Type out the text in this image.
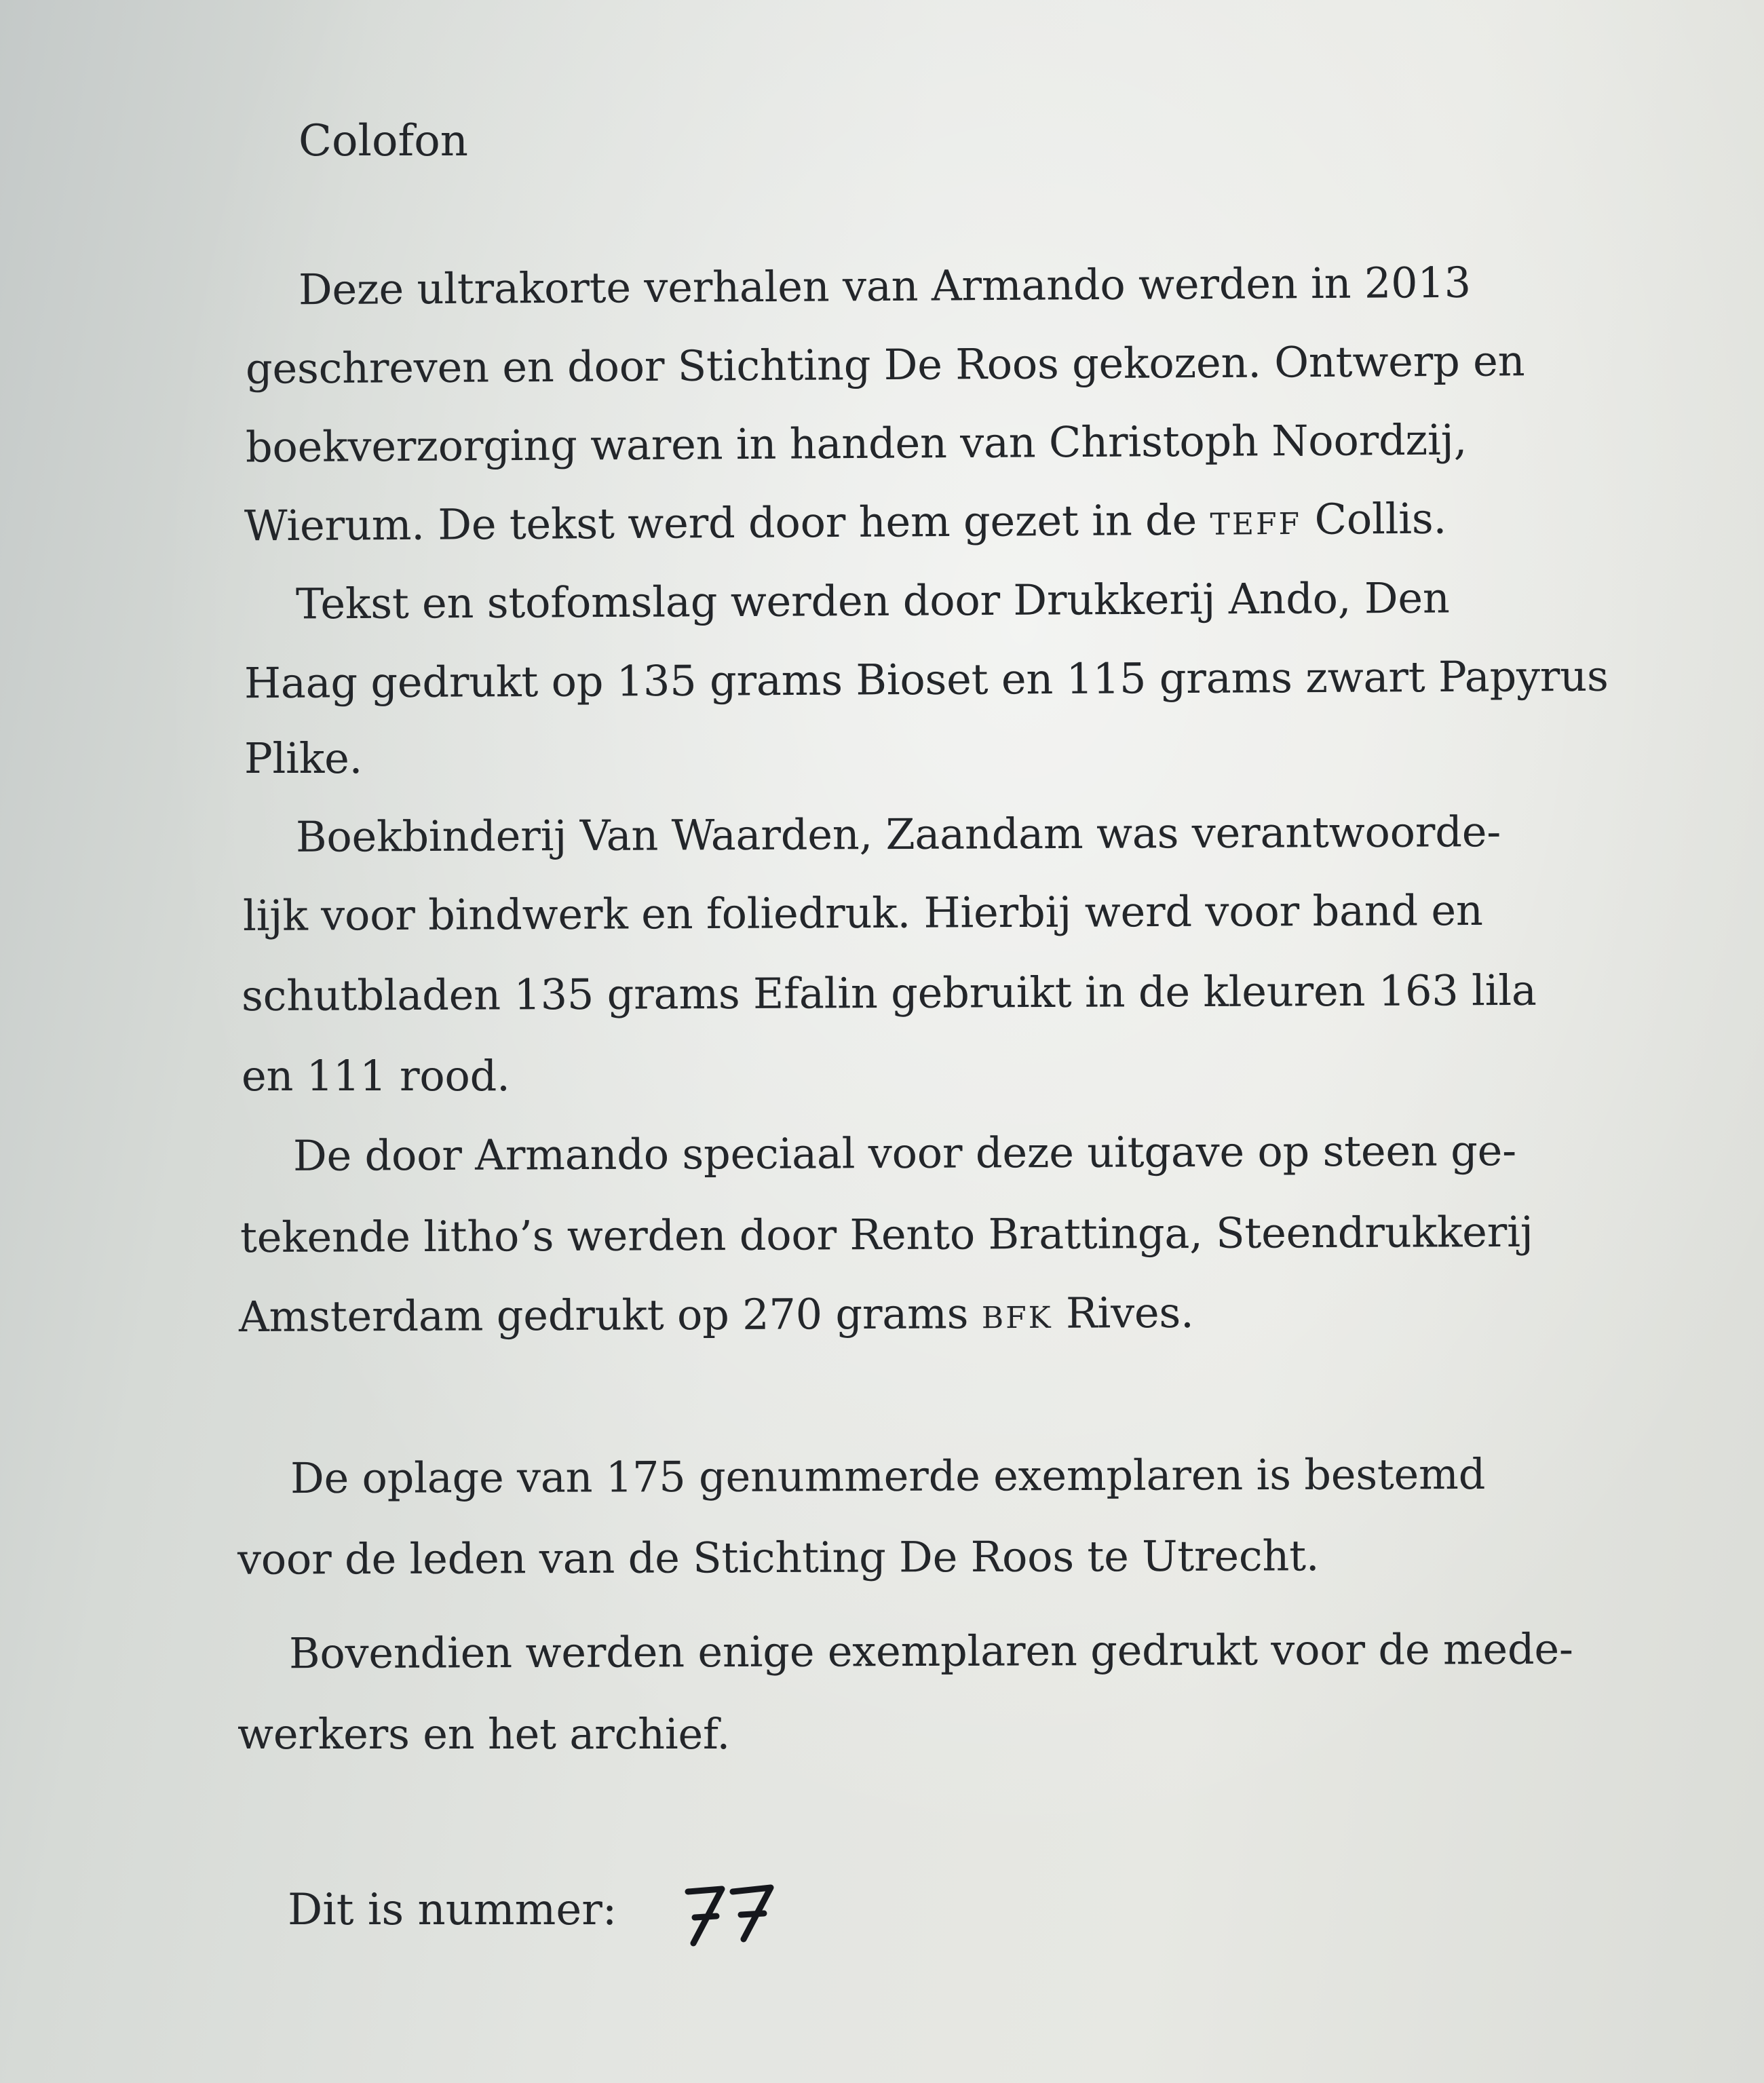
Colofon
Deze ultrakorte verhalen van Armando werden in 2013
geschreven en door Stichting De Roos gekozen. Ontwerp en
boekverzorging waren in handen van Christoph Noordzij,
Wierum. De tekst werd door hem gezet in de TEFF Collis.
Tekst en stofomslag werden door Drukkerij Ando, Den
Haag gedrukt op 135 grams Bioset en 115 grams zwart Papyrus
Plike.
Boekbinderij Van Waarden, Zaandam was verantwoorde-
lijk voor bindwerk en foliedruk. Hierbij werd voor band en
schutbladen 135 grams Efalin gebruikt in de kleuren 163 lila
en 111 rood.
De door Armando speciaal voor deze uitgave op steen ge-
tekende litho’s werden door Rento Brattinga, Steendrukkerij
Amsterdam gedrukt op 270 grams BFK Rives.
De oplage van 175 genummerde exemplaren is bestemd
voor de leden van de Stichting De Roos te Utrecht.
Bovendien werden enige exemplaren gedrukt voor de mede-
werkers en het archief.
Dit is nummer:
